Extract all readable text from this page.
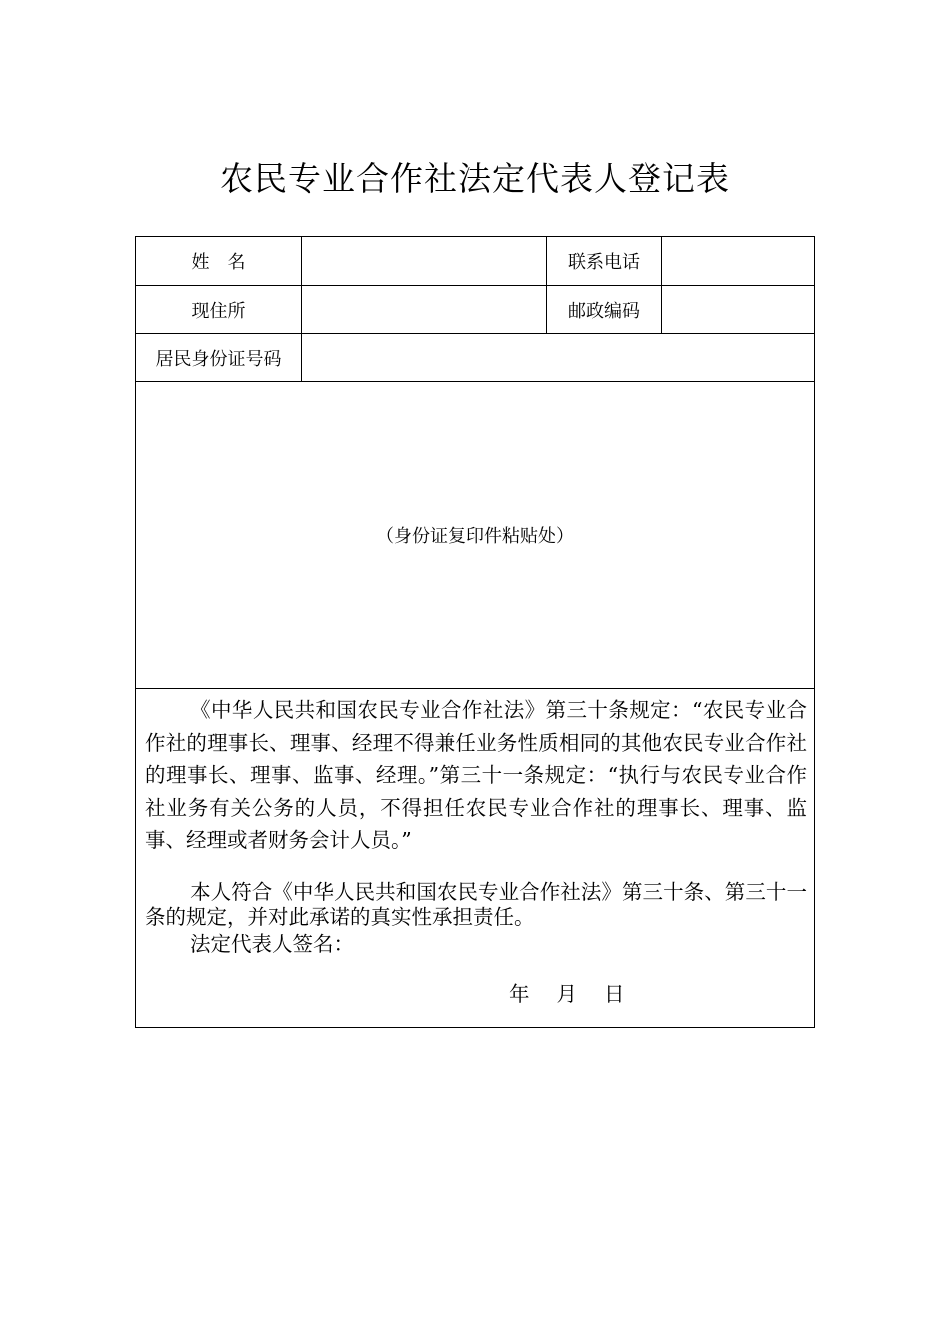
农民专业合作社法定代表人登记表
姓　名	联系电话
现住所	邮政编码
居民身份证号码
（身份证复印件粘贴处）
《中华人民共和国农民专业合作社法》第三十条规定：“农民专业合作社的理事长、理事、经理不得兼任业务性质相同的其他农民专业合作社的理事长、理事、监事、经理。”第三十一条规定：“执行与农民专业合作社业务有关公务的人员，不得担任农民专业合作社的理事长、理事、监事、经理或者财务会计人员。”
本人符合《中华人民共和国农民专业合作社法》第三十条、第三十一条的规定，并对此承诺的真实性承担责任。
法定代表人签名：
年　 月　 日
